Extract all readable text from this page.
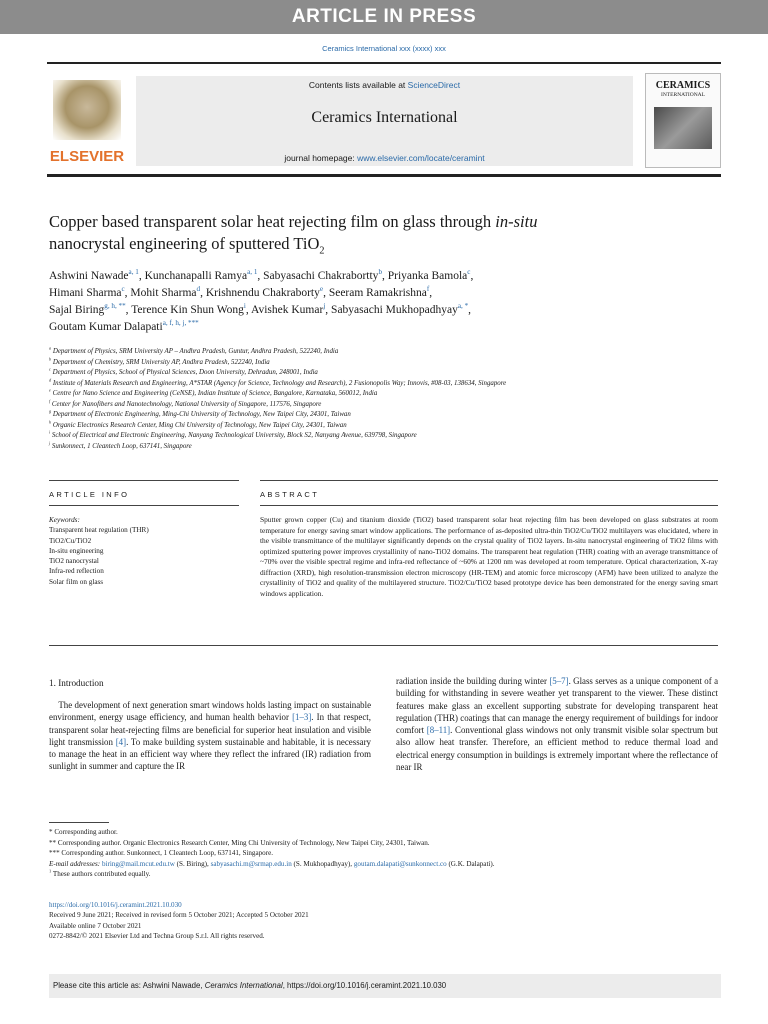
ARTICLE IN PRESS
Ceramics International xxx (xxxx) xxx
ELSEVIER
Contents lists available at ScienceDirect
Ceramics International
journal homepage: www.elsevier.com/locate/ceramint
CERAMICS
INTERNATIONAL
Copper based transparent solar heat rejecting film on glass through in-situ
nanocrystal engineering of sputtered TiO$_2$
Ashwini Nawade$^{a, 1}$, Kunchanapalli Ramya$^{a, 1}$, Sabyasachi Chakrabortty$^b$, Priyanka Bamola$^c$,
Himani Sharma$^c$, Mohit Sharma$^d$, Krishnendu Chakraborty$^e$, Seeram Ramakrishna$^f$,
Sajal Biring$^{g, h, **}$, Terence Kin Shun Wong$^i$, Avishek Kumar$^j$, Sabyasachi Mukhopadhyay$^{a, *}$,
Goutam Kumar Dalapati$^{a, f, h, j, ***}$
$^a$ Department of Physics, SRM University AP – Andhra Pradesh, Guntur, Andhra Pradesh, 522240, India
$^b$ Department of Chemistry, SRM University AP, Andhra Pradesh, 522240, India
$^c$ Department of Physics, School of Physical Sciences, Doon University, Dehradun, 248001, India
$^d$ Institute of Materials Research and Engineering, A*STAR (Agency for Science, Technology and Research), 2 Fusionopolis Way; Innovis, #08-03, 138634, Singapore
$^e$ Centre for Nano Science and Engineering (CeNSE), Indian Institute of Science, Bangalore, Karnataka, 560012, India
$^f$ Center for Nanofibers and Nanotechnology, National University of Singapore, 117576, Singapore
$^g$ Department of Electronic Engineering, Ming-Chi University of Technology, New Taipei City, 24301, Taiwan
$^h$ Organic Electronics Research Center, Ming Chi University of Technology, New Taipei City, 24301, Taiwan
$^i$ School of Electrical and Electronic Engineering, Nanyang Technological University, Block S2, Nanyang Avenue, 639798, Singapore
$^j$ Sunkonnect, 1 Cleantech Loop, 637141, Singapore
ARTICLE INFO	ABSTRACT
Keywords:
Transparent heat regulation (THR)
TiO2/Cu/TiO2
In-situ engineering
TiO2 nanocrystal
Infra-red reflection
Solar film on glass
Sputter grown copper (Cu) and titanium dioxide (TiO2) based transparent solar heat rejecting film has been developed on glass substrates at room temperature for energy saving smart window applications. The performance of as-deposited ultra-thin TiO2/Cu/TiO2 multilayers was elucidated, where in the visible transmittance of the multilayer significantly depends on the crystal quality of TiO2 layers. In-situ nanocrystal engineering of TiO2 films with optimized sputtering power improves crystallinity of nano-TiO2 domains. The transparent heat regulation (THR) coating with an average transmittance of ~70% over the visible spectral regime and infra-red reflectance of ~60% at 1200 nm was developed at room temperature. Optical characterization, X-ray diffraction (XRD), high resolution-transmission electron microscopy (HR-TEM) and atomic force microscopy (AFM) have been utilized to analyze the crystallinity of TiO2 and quality of the multilayered structure. TiO2/Cu/TiO2 based prototype device has been demonstrated for the energy saving smart windows application.
1. Introduction
The development of next generation smart windows holds lasting impact on sustainable environment, energy usage efficiency, and human health behavior [1–3]. In that respect, transparent solar heat-rejecting films are beneficial for superior heat insulation and visible light transmission [4]. To make building system sustainable and habitable, it is necessary to manage the heat in an efficient way where they reflect the infrared (IR) radiation from sunlight in summer and capture the IR
radiation inside the building during winter [5–7]. Glass serves as a unique component of a building for withstanding in severe weather yet transparent to the viewer. These distinct features make glass an excellent supporting substrate for developing transparent heat regulation (THR) coatings that can manage the energy requirement of buildings for indoor comfort [8–11]. Conventional glass windows not only transmit visible solar spectrum but also allow heat transfer. Therefore, an efficient method to reduce thermal load and electrical energy consumption in buildings is extremely important where the reflectance of near IR
* Corresponding author.
** Corresponding author. Organic Electronics Research Center, Ming Chi University of Technology, New Taipei City, 24301, Taiwan.
*** Corresponding author. Sunkonnect, 1 Cleantech Loop, 637141, Singapore.
E-mail addresses: biring@mail.mcut.edu.tw (S. Biring), sabyasachi.m@srmap.edu.in (S. Mukhopadhyay), goutam.dalapati@sunkonnect.co (G.K. Dalapati).
$^1$ These authors contributed equally.
https://doi.org/10.1016/j.ceramint.2021.10.030
Received 9 June 2021; Received in revised form 5 October 2021; Accepted 5 October 2021
Available online 7 October 2021
0272-8842/© 2021 Elsevier Ltd and Techna Group S.r.l. All rights reserved.
Please cite this article as: Ashwini Nawade, Ceramics International, https://doi.org/10.1016/j.ceramint.2021.10.030
